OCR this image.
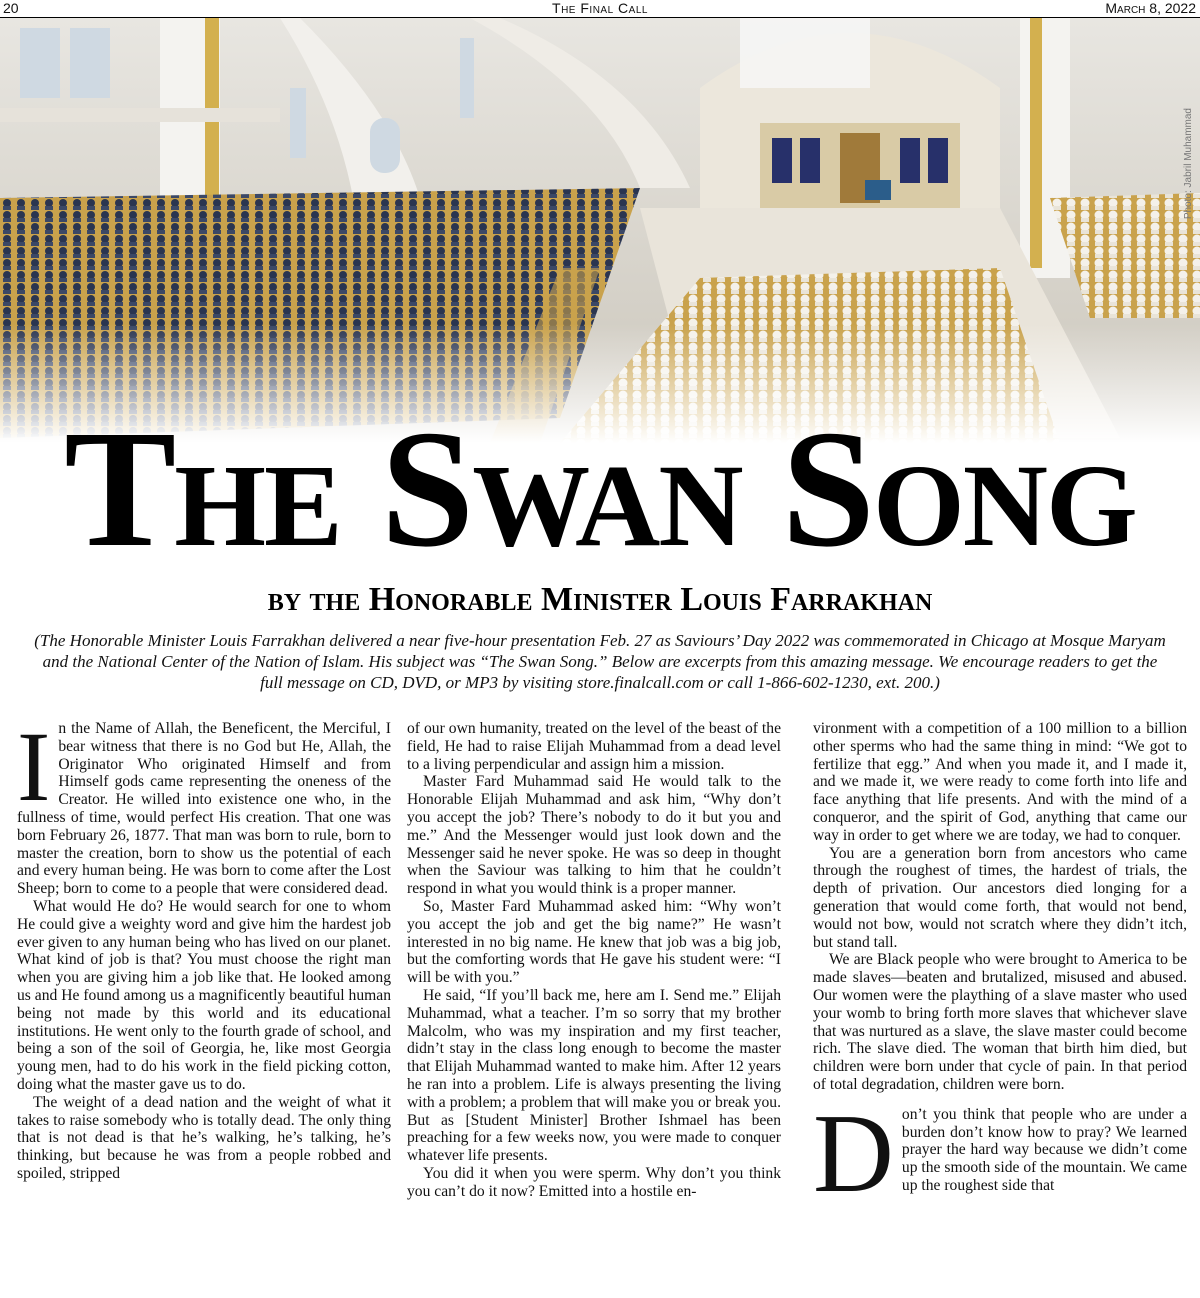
20	The Final Call	March 8, 2022
Photo: Jabril Muhammad
The Swan Song
by the Honorable Minister Louis Farrakhan
(The Honorable Minister Louis Farrakhan delivered a near five-hour presentation Feb. 27 as Saviours’ Day 2022 was commemorated in Chicago at Mosque Maryam and the National Center of the Nation of Islam. His subject was “The Swan Song.” Below are excerpts from this amazing message. We encourage readers to get the full message on CD, DVD, or MP3 by visiting store.finalcall.com or call 1-866-602-1230, ext. 200.)

In the Name of Allah, the Beneficent, the Merciful, I bear witness that there is no God but He, Allah, the Originator Who originated Himself and from Himself gods came representing the oneness of the Creator. He willed into existence one who, in the fullness of time, would perfect His creation. That one was born February 26, 1877. That man was born to rule, born to master the creation, born to show us the potential of each and every human being. He was born to come after the Lost Sheep; born to come to a people that were considered dead.

What would He do? He would search for one to whom He could give a weighty word and give him the hardest job ever given to any human being who has lived on our planet. What kind of job is that? You must choose the right man when you are giving him a job like that. He looked among us and He found among us a magnificently beautiful human being not made by this world and its educational institutions. He went only to the fourth grade of school, and being a son of the soil of Georgia, he, like most Georgia young men, had to do his work in the field picking cotton, doing what the master gave us to do.

The weight of a dead nation and the weight of what it takes to raise somebody who is totally dead. The only thing that is not dead is that he’s walking, he’s talking, he’s thinking, but because he was from a people robbed and spoiled, stripped

of our own humanity, treated on the level of the beast of the field, He had to raise Elijah Muhammad from a dead level to a living perpendicular and assign him a mission.

Master Fard Muhammad said He would talk to the Honorable Elijah Muhammad and ask him, “Why don’t you accept the job? There’s nobody to do it but you and me.” And the Messenger would just look down and the Messenger said he never spoke. He was so deep in thought when the Saviour was talking to him that he couldn’t respond in what you would think is a proper manner.

So, Master Fard Muhammad asked him: “Why won’t you accept the job and get the big name?” He wasn’t interested in no big name. He knew that job was a big job, but the comforting words that He gave his student were: “I will be with you.”

He said, “If you’ll back me, here am I. Send me.” Elijah Muhammad, what a teacher. I’m so sorry that my brother Malcolm, who was my inspiration and my first teacher, didn’t stay in the class long enough to become the master that Elijah Muhammad wanted to make him. After 12 years he ran into a problem. Life is always presenting the living with a problem; a problem that will make you or break you. But as [Student Minister] Brother Ishmael has been preaching for a few weeks now, you were made to conquer whatever life presents.

You did it when you were sperm. Why don’t you think you can’t do it now? Emitted into a hostile en-

vironment with a competition of a 100 million to a billion other sperms who had the same thing in mind: “We got to fertilize that egg.” And when you made it, and I made it, and we made it, we were ready to come forth into life and face anything that life presents. And with the mind of a conqueror, and the spirit of God, anything that came our way in order to get where we are today, we had to conquer.

You are a generation born from ancestors who came through the roughest of times, the hardest of trials, the depth of privation. Our ancestors died longing for a generation that would come forth, that would not bend, would not bow, would not scratch where they didn’t itch, but stand tall.

We are Black people who were brought to America to be made slaves—beaten and brutalized, misused and abused. Our women were the plaything of a slave master who used your womb to bring forth more slaves that whichever slave that was nurtured as a slave, the slave master could become rich. The slave died. The woman that birth him died, but children were born under that cycle of pain. In that period of total degradation, children were born.

Don’t you think that people who are under a burden don’t know how to pray? We learned prayer the hard way because we didn’t come up the smooth side of the mountain. We came up the roughest side that
